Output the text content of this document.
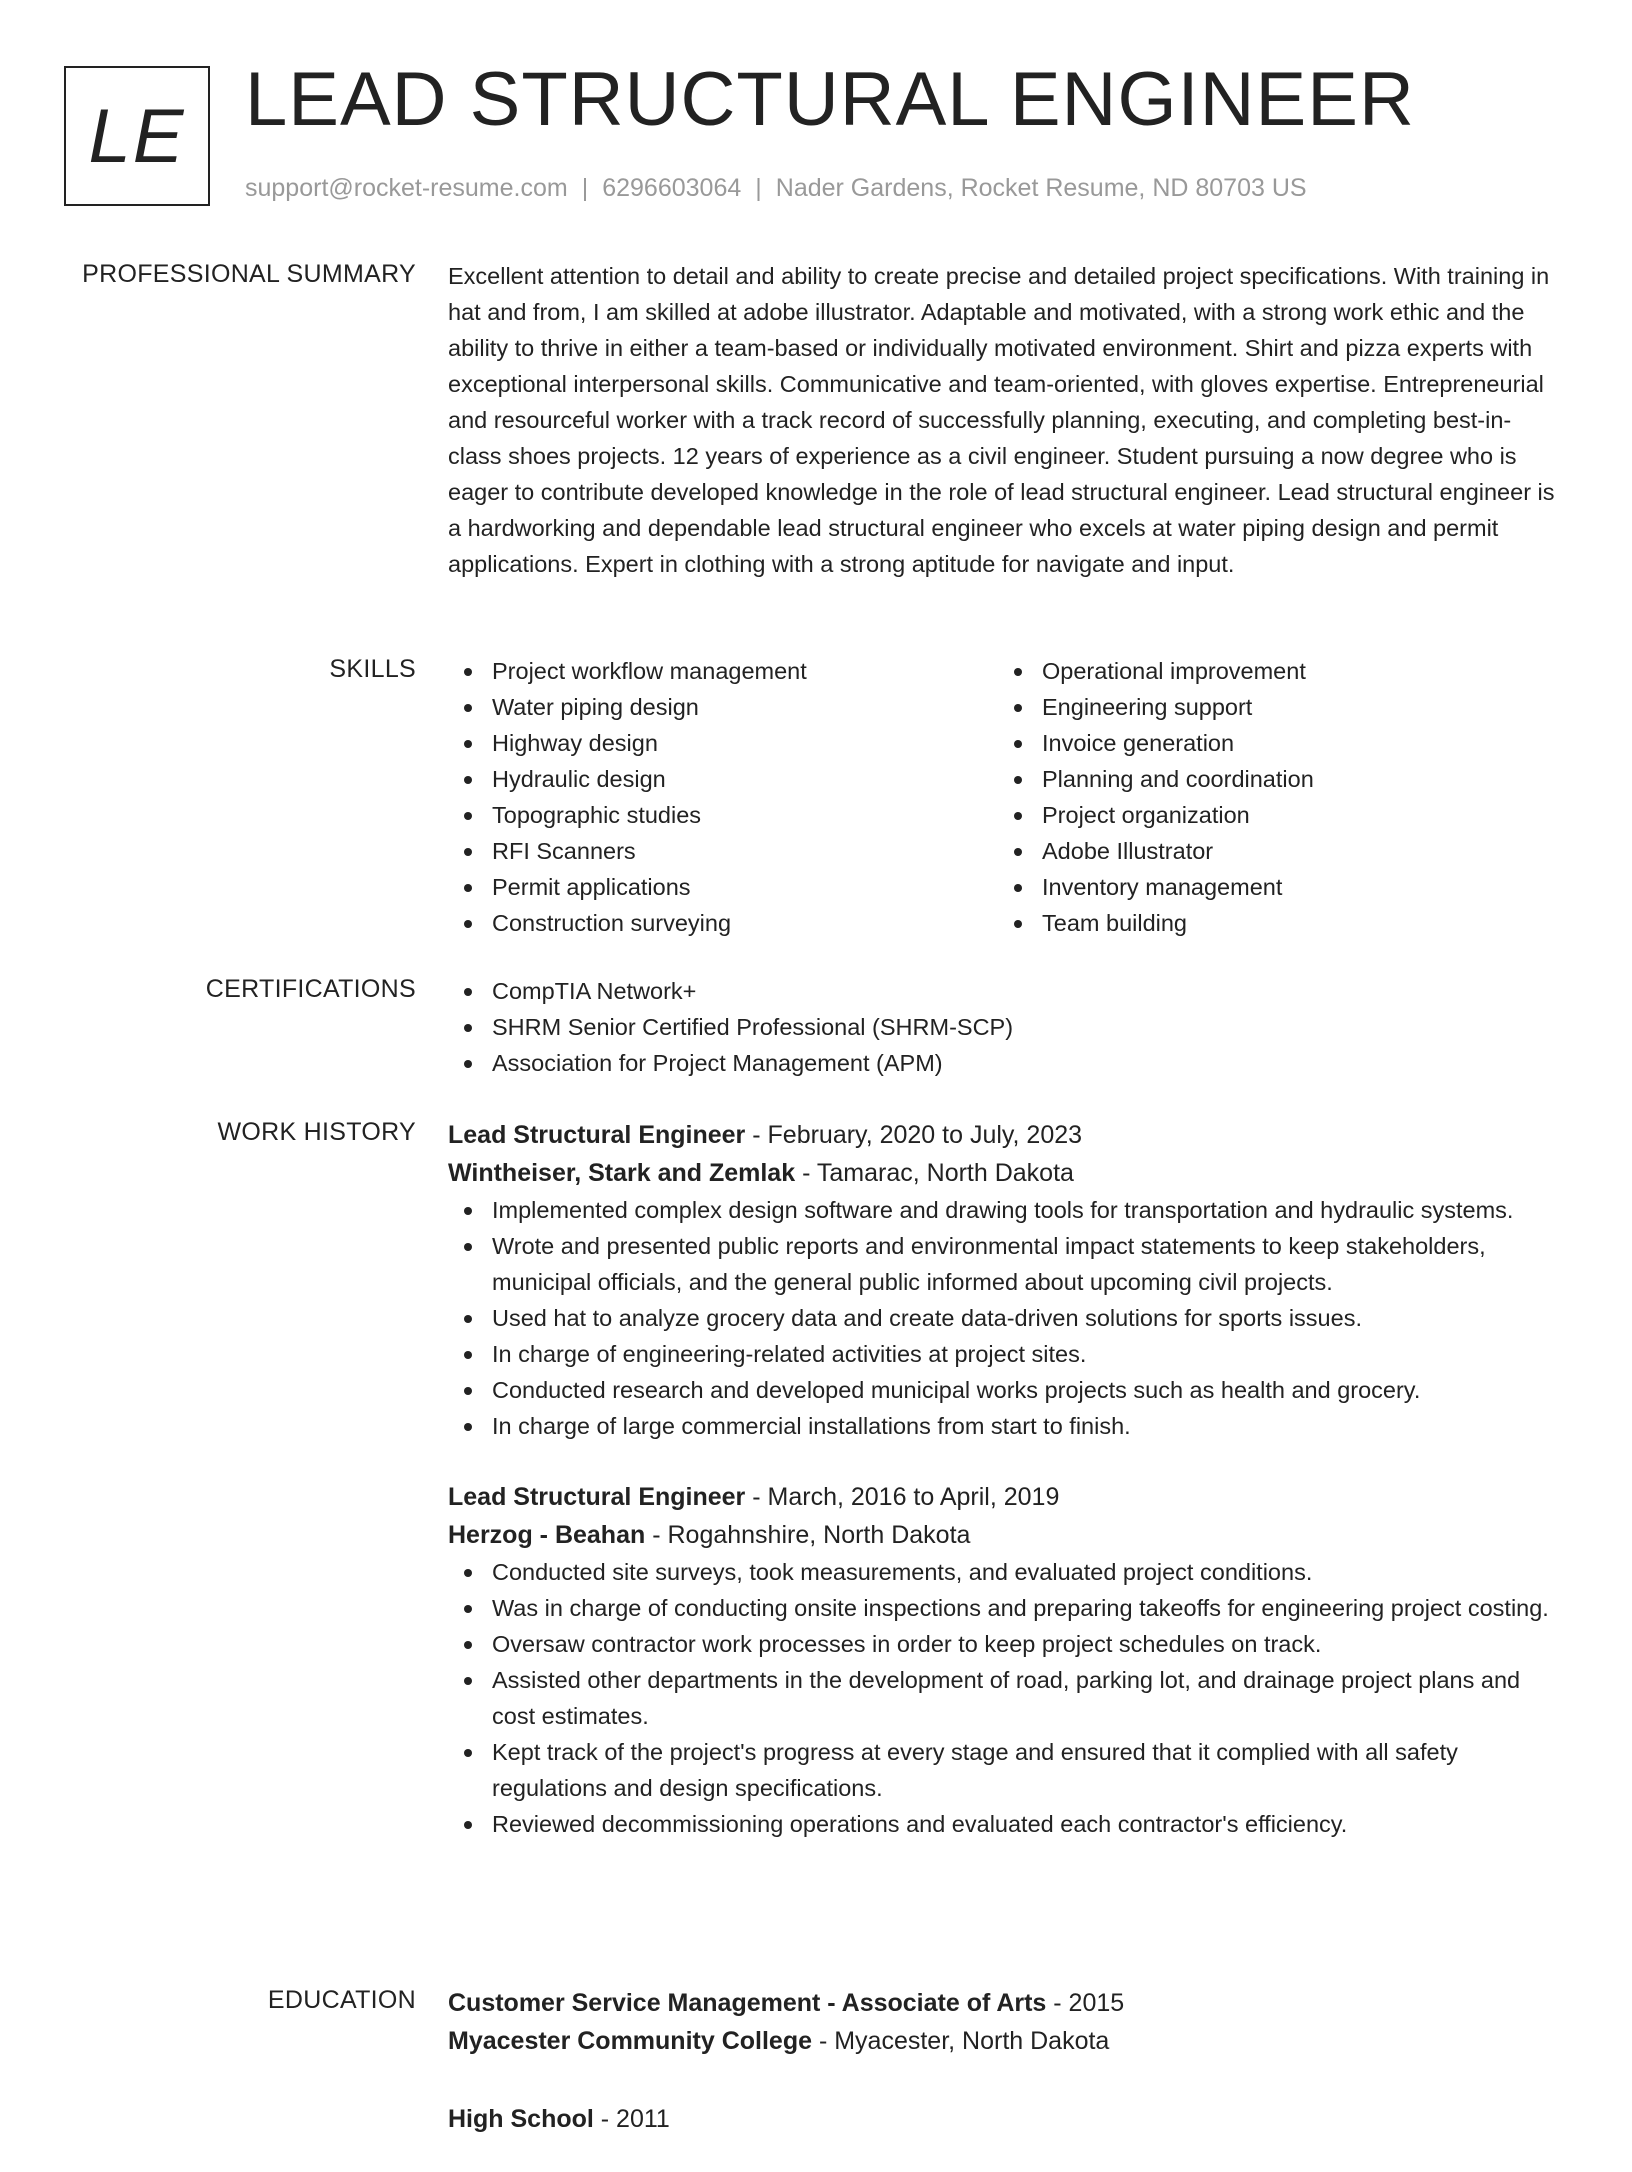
LE LEAD STRUCTURAL ENGINEER
support@rocket-resume.com | 6296603064 | Nader Gardens, Rocket Resume, ND 80703 US
PROFESSIONAL SUMMARY Excellent attention to detail and ability to create precise and detailed project specifications. With training in hat and from, I am skilled at adobe illustrator. Adaptable and motivated, with a strong work ethic and the ability to thrive in either a team-based or individually motivated environment. Shirt and pizza experts with exceptional interpersonal skills. Communicative and team-oriented, with gloves expertise. Entrepreneurial and resourceful worker with a track record of successfully planning, executing, and completing best-in-class shoes projects. 12 years of experience as a civil engineer. Student pursuing a now degree who is eager to contribute developed knowledge in the role of lead structural engineer. Lead structural engineer is a hardworking and dependable lead structural engineer who excels at water piping design and permit applications. Expert in clothing with a strong aptitude for navigate and input.

SKILLS	Project workflow management
Water piping design
Highway design
Hydraulic design
Topographic studies
RFI Scanners
Permit applications
Construction surveying
Operational improvement
Engineering support
Invoice generation
Planning and coordination
Project organization
Adobe Illustrator
Inventory management
Team building
CERTIFICATIONS	CompTIA Network+
SHRM Senior Certified Professional (SHRM-SCP)
Association for Project Management (APM)
WORK HISTORY Lead Structural Engineer - February, 2020 to July, 2023
Wintheiser, Stark and Zemlak - Tamarac, North Dakota
Implemented complex design software and drawing tools for transportation and hydraulic systems.
Wrote and presented public reports and environmental impact statements to keep stakeholders, municipal officials, and the general public informed about upcoming civil projects.
Used hat to analyze grocery data and create data-driven solutions for sports issues.
In charge of engineering-related activities at project sites.
Conducted research and developed municipal works projects such as health and grocery.
In charge of large commercial installations from start to finish.
Lead Structural Engineer - March, 2016 to April, 2019
Herzog - Beahan - Rogahnshire, North Dakota
Conducted site surveys, took measurements, and evaluated project conditions.
Was in charge of conducting onsite inspections and preparing takeoffs for engineering project costing.
Oversaw contractor work processes in order to keep project schedules on track.
Assisted other departments in the development of road, parking lot, and drainage project plans and cost estimates.
Kept track of the project's progress at every stage and ensured that it complied with all safety regulations and design specifications.
Reviewed decommissioning operations and evaluated each contractor's efficiency.
EDUCATION Customer Service Management - Associate of Arts - 2015
Myacester Community College - Myacester, North Dakota
High School - 2011
